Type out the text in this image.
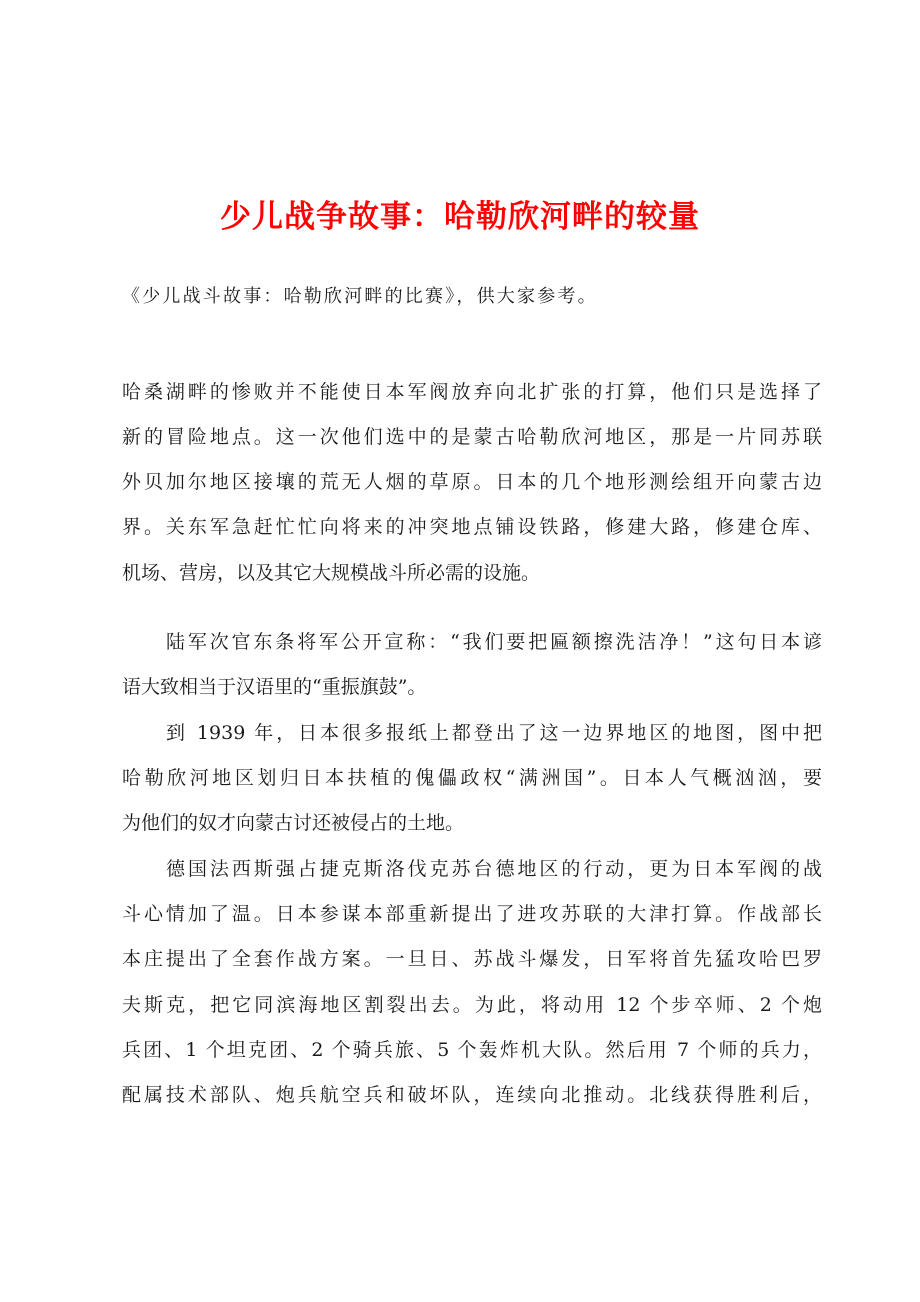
少儿战争故事：哈勒欣河畔的较量
《少儿战斗故事：哈勒欣河畔的比赛》，供大家参考。
哈桑湖畔的惨败并不能使日本军阀放弃向北扩张的打算，他们只是选择了
新的冒险地点。这一次他们选中的是蒙古哈勒欣河地区，那是一片同苏联
外贝加尔地区接壤的荒无人烟的草原。日本的几个地形测绘组开向蒙古边
界。关东军急赶忙忙向将来的冲突地点铺设铁路，修建大路，修建仓库、
机场、营房，以及其它大规模战斗所必需的设施。
陆军次官东条将军公开宣称：“我们要把匾额擦洗洁净！”这句日本谚
语大致相当于汉语里的“重振旗鼓”。
到 1939 年，日本很多报纸上都登出了这一边界地区的地图，图中把
哈勒欣河地区划归日本扶植的傀儡政权“满洲国”。日本人气概汹汹，要
为他们的奴才向蒙古讨还被侵占的土地。
德国法西斯强占捷克斯洛伐克苏台德地区的行动，更为日本军阀的战
斗心情加了温。日本参谋本部重新提出了进攻苏联的大津打算。作战部长
本庄提出了全套作战方案。一旦日、苏战斗爆发，日军将首先猛攻哈巴罗
夫斯克，把它同滨海地区割裂出去。为此，将动用 12 个步卒师、2 个炮
兵团、1 个坦克团、2 个骑兵旅、5 个轰炸机大队。然后用 7 个师的兵力，
配属技术部队、炮兵航空兵和破坏队，连续向北推动。北线获得胜利后，
